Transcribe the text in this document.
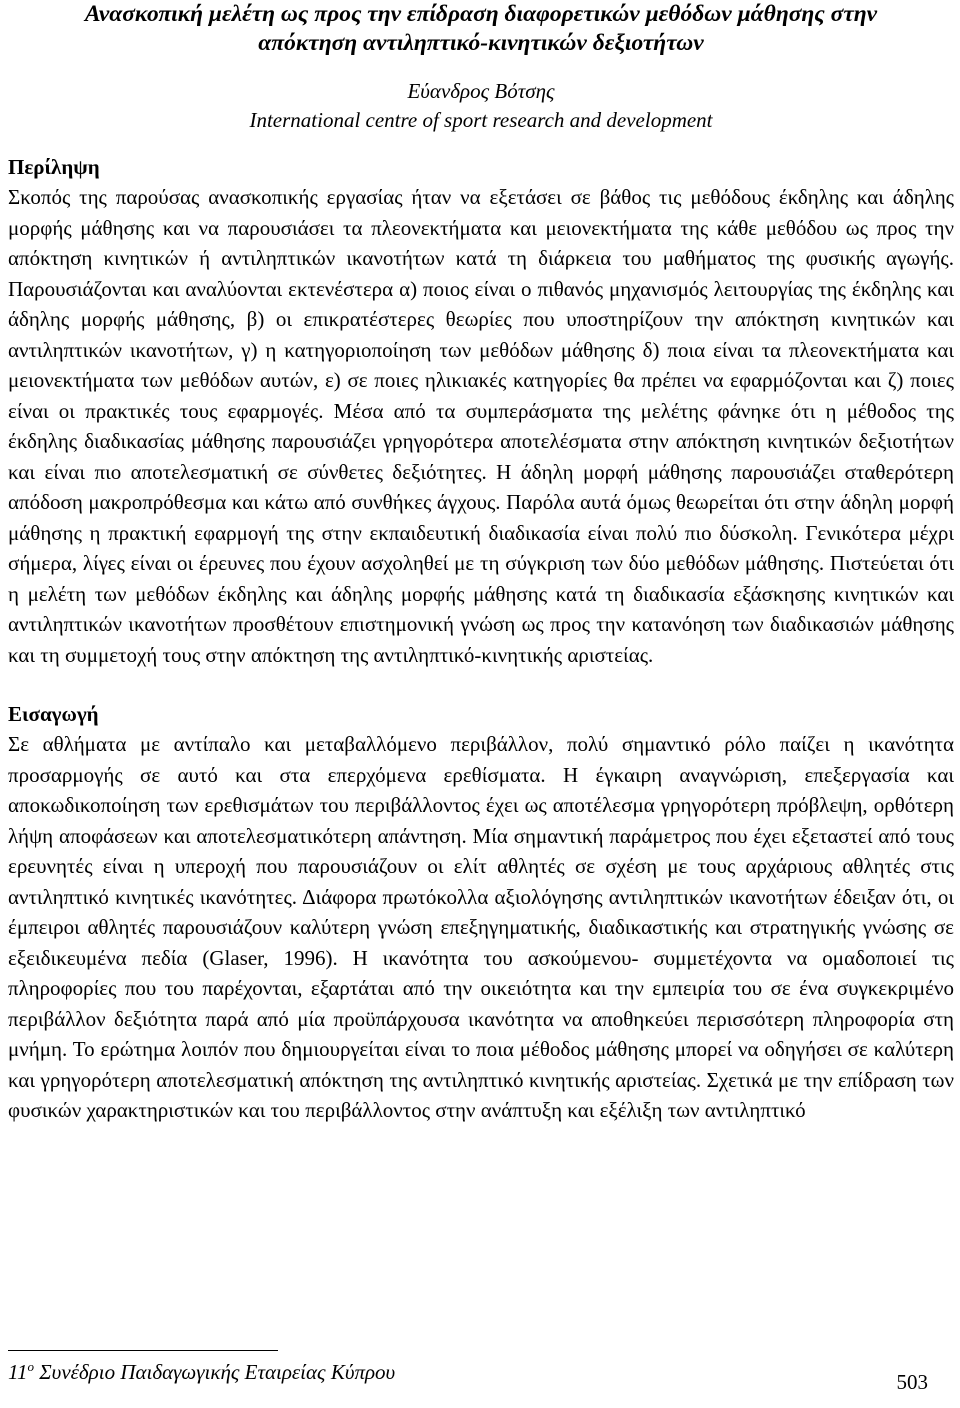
Ανασκοπική μελέτη ως προς την επίδραση διαφορετικών μεθόδων μάθησης στην
απόκτηση αντιληπτικό-κινητικών δεξιοτήτων
Εύανδρος Βότσης
International centre of sport research and development
Περίληψη

Σκοπός της παρούσας ανασκοπικής εργασίας ήταν να εξετάσει σε βάθος τις μεθόδους έκδηλης και άδηλης μορφής μάθησης και να παρουσιάσει τα πλεονεκτήματα και μειονεκτήματα της κάθε μεθόδου ως προς την απόκτηση κινητικών ή αντιληπτικών ικανοτήτων κατά τη διάρκεια του μαθήματος της φυσικής αγωγής. Παρουσιάζονται και αναλύονται εκτενέστερα α) ποιος είναι ο πιθανός μηχανισμός λειτουργίας της έκδηλης και άδηλης μορφής μάθησης, β) οι επικρατέστερες θεωρίες που υποστηρίζουν την απόκτηση κινητικών και αντιληπτικών ικανοτήτων, γ) η κατηγοριοποίηση των μεθόδων μάθησης δ) ποια είναι τα πλεονεκτήματα και μειονεκτήματα των μεθόδων αυτών, ε) σε ποιες ηλικιακές κατηγορίες θα πρέπει να εφαρμόζονται και ζ) ποιες είναι οι πρακτικές τους εφαρμογές. Μέσα από τα συμπεράσματα της μελέτης φάνηκε ότι η μέθοδος της έκδηλης διαδικασίας μάθησης παρουσιάζει γρηγορότερα αποτελέσματα στην απόκτηση κινητικών δεξιοτήτων και είναι πιο αποτελεσματική σε σύνθετες δεξιότητες. Η άδηλη μορφή μάθησης παρουσιάζει σταθερότερη απόδοση μακροπρόθεσμα και κάτω από συνθήκες άγχους. Παρόλα αυτά όμως θεωρείται ότι στην άδηλη μορφή μάθησης η πρακτική εφαρμογή της στην εκπαιδευτική διαδικασία είναι πολύ πιο δύσκολη. Γενικότερα μέχρι σήμερα, λίγες είναι οι έρευνες που έχουν ασχοληθεί με τη σύγκριση των δύο μεθόδων μάθησης. Πιστεύεται ότι η μελέτη των μεθόδων έκδηλης και άδηλης μορφής μάθησης κατά τη διαδικασία εξάσκησης κινητικών και αντιληπτικών ικανοτήτων προσθέτουν επιστημονική γνώση ως προς την κατανόηση των διαδικασιών μάθησης και τη συμμετοχή τους στην απόκτηση της αντιληπτικό-κινητικής αριστείας.

Εισαγωγή

Σε αθλήματα με αντίπαλο και μεταβαλλόμενο περιβάλλον, πολύ σημαντικό ρόλο παίζει η ικανότητα προσαρμογής σε αυτό και στα επερχόμενα ερεθίσματα. Η έγκαιρη αναγνώριση, επεξεργασία και αποκωδικοποίηση των ερεθισμάτων του περιβάλλοντος έχει ως αποτέλεσμα γρηγορότερη πρόβλεψη, ορθότερη λήψη αποφάσεων και αποτελεσματικότερη απάντηση. Μία σημαντική παράμετρος που έχει εξεταστεί από τους ερευνητές είναι η υπεροχή που παρουσιάζουν οι ελίτ αθλητές σε σχέση με τους αρχάριους αθλητές στις αντιληπτικό κινητικές ικανότητες. Διάφορα πρωτόκολλα αξιολόγησης αντιληπτικών ικανοτήτων έδειξαν ότι, οι έμπειροι αθλητές παρουσιάζουν καλύτερη γνώση επεξηγηματικής, διαδικαστικής και στρατηγικής γνώσης σε εξειδικευμένα πεδία (Glaser, 1996). Η ικανότητα του ασκούμενου- συμμετέχοντα να ομαδοποιεί τις πληροφορίες που του παρέχονται, εξαρτάται από την οικειότητα και την εμπειρία του σε ένα συγκεκριμένο περιβάλλον δεξιότητα παρά από μία προϋπάρχουσα ικανότητα να αποθηκεύει περισσότερη πληροφορία στη μνήμη. Το ερώτημα λοιπόν που δημιουργείται είναι το ποια μέθοδος μάθησης μπορεί να οδηγήσει σε καλύτερη και γρηγορότερη αποτελεσματική απόκτηση της αντιληπτικό κινητικής αριστείας. Σχετικά με την επίδραση των φυσικών χαρακτηριστικών και του περιβάλλοντος στην ανάπτυξη και εξέλιξη των αντιληπτικό

$11^o$ Συνέδριο Παιδαγωγικής Εταιρείας Κύπρου	503
